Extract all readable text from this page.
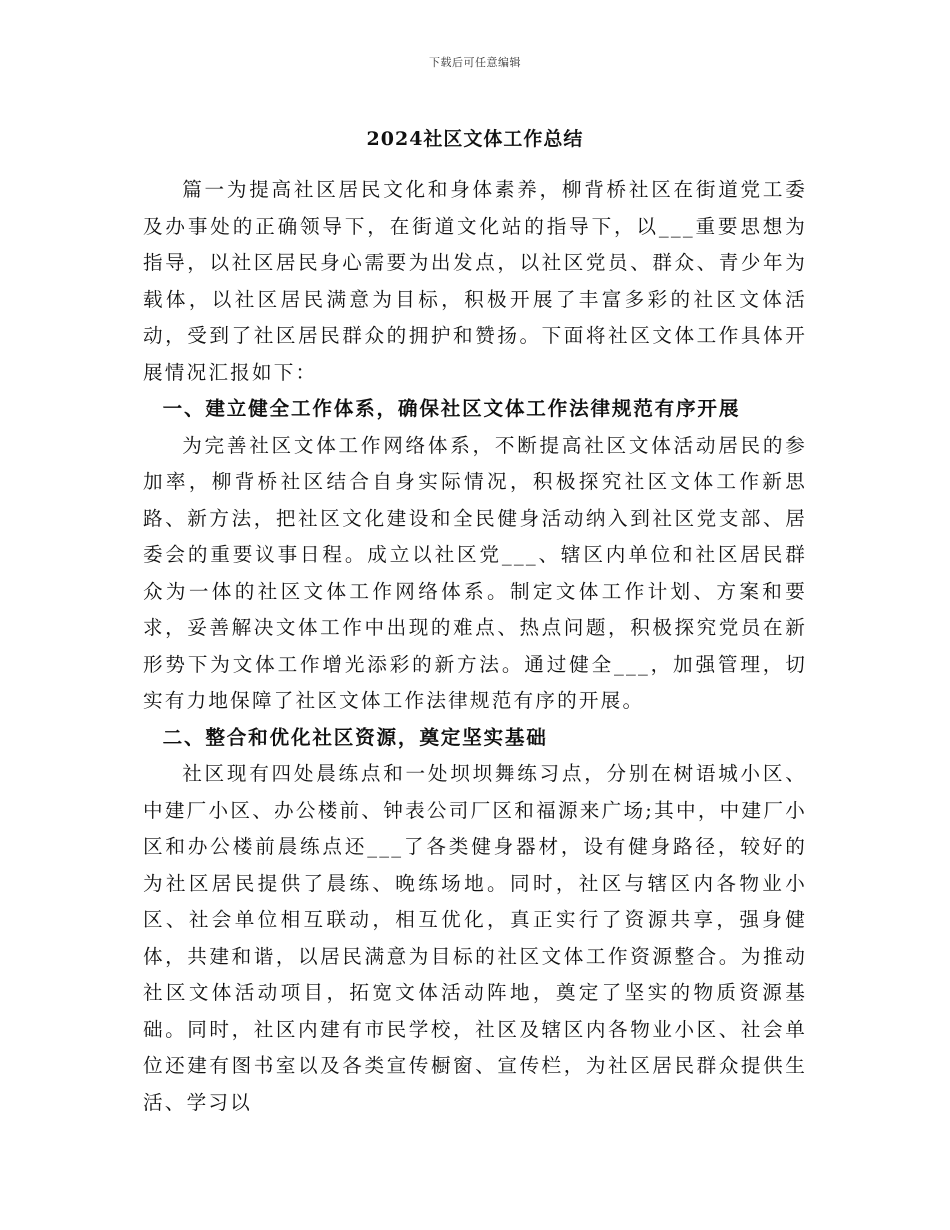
下载后可任意编辑
2024社区文体工作总结

篇一为提高社区居民文化和身体素养，柳背桥社区在街道党工委及办事处的正确领导下，在街道文化站的指导下，以___重要思想为指导，以社区居民身心需要为出发点，以社区党员、群众、青少年为载体，以社区居民满意为目标，积极开展了丰富多彩的社区文体活动，受到了社区居民群众的拥护和赞扬。下面将社区文体工作具体开展情况汇报如下：

一、建立健全工作体系，确保社区文体工作法律规范有序开展

为完善社区文体工作网络体系，不断提高社区文体活动居民的参加率，柳背桥社区结合自身实际情况，积极探究社区文体工作新思路、新方法，把社区文化建设和全民健身活动纳入到社区党支部、居委会的重要议事日程。成立以社区党___、辖区内单位和社区居民群众为一体的社区文体工作网络体系。制定文体工作计划、方案和要求，妥善解决文体工作中出现的难点、热点问题，积极探究党员在新形势下为文体工作增光添彩的新方法。通过健全___，加强管理，切实有力地保障了社区文体工作法律规范有序的开展。

二、整合和优化社区资源，奠定坚实基础

社区现有四处晨练点和一处坝坝舞练习点，分别在树语城小区、中建厂小区、办公楼前、钟表公司厂区和福源来广场;其中，中建厂小区和办公楼前晨练点还___了各类健身器材，设有健身路径，较好的为社区居民提供了晨练、晚练场地。同时，社区与辖区内各物业小区、社会单位相互联动，相互优化，真正实行了资源共享，强身健体，共建和谐，以居民满意为目标的社区文体工作资源整合。为推动社区文体活动项目，拓宽文体活动阵地，奠定了坚实的物质资源基础。同时，社区内建有市民学校，社区及辖区内各物业小区、社会单位还建有图书室以及各类宣传橱窗、宣传栏，为社区居民群众提供生活、学习以
